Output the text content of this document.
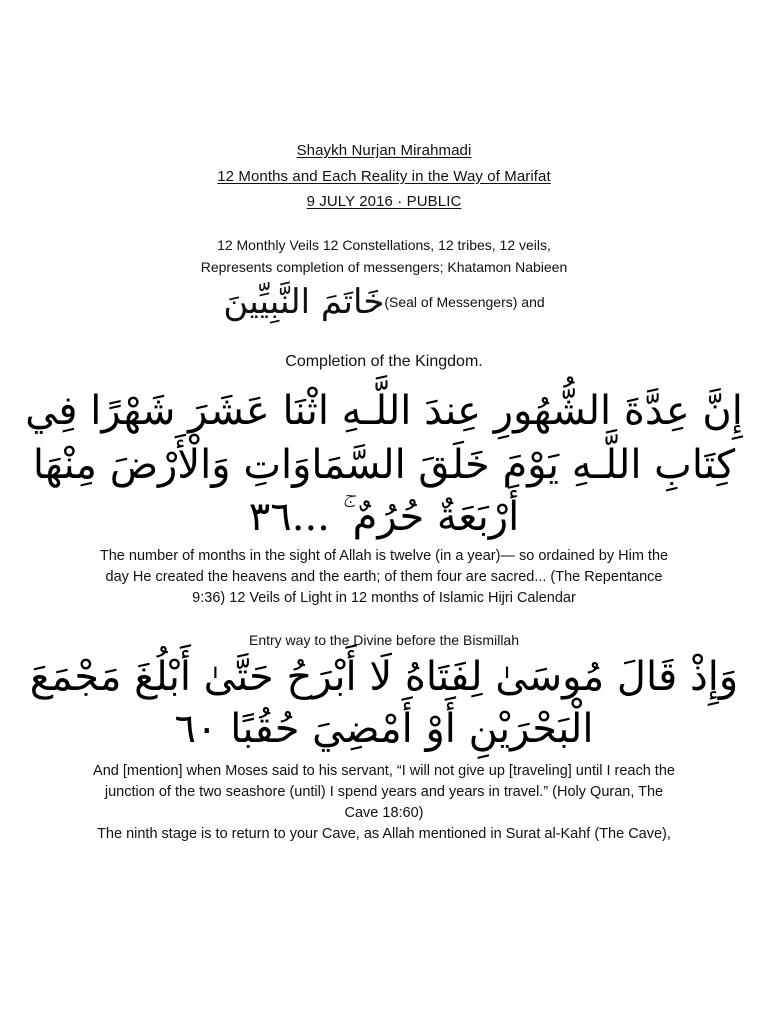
Shaykh Nurjan Mirahmadi
12 Months and Each Reality in the Way of Marifat
9 JULY 2016 · PUBLIC
12 Monthly Veils 12 Constellations, 12 tribes, 12 veils,
Represents completion of messengers; Khatamon Nabieen
خَاتَمَ النَّبِيِّينَ(Seal of Messengers) and
Completion of the Kingdom.
إِنَّ عِدَّةَ الشُّهُورِ عِندَ اللَّـهِ اثْنَا عَشَرَ شَهْرًا فِي
كِتَابِ اللَّـهِ يَوْمَ خَلَقَ السَّمَاوَاتِ وَالْأَرْضَ مِنْهَا
أَرْبَعَةٌ حُرُمٌ ۚ ...٣٦
The number of months in the sight of Allah is twelve (in a year)— so ordained by Him the day He created the heavens and the earth; of them four are sacred... (The Repentance 9:36) 12 Veils of Light in 12 months of Islamic Hijri Calendar
Entry way to the Divine before the Bismillah
وَإِذْ قَالَ مُوسَىٰ لِفَتَاهُ لَا أَبْرَحُ حَتَّىٰ أَبْلُغَ مَجْمَعَ
الْبَحْرَيْنِ أَوْ أَمْضِيَ حُقُبًا ٦٠
And [mention] when Moses said to his servant, “I will not give up [traveling] until I reach the junction of the two seashore (until) I spend years and years in travel.” (Holy Quran, The Cave 18:60)
The ninth stage is to return to your Cave, as Allah mentioned in Surat al-Kahf (The Cave),
